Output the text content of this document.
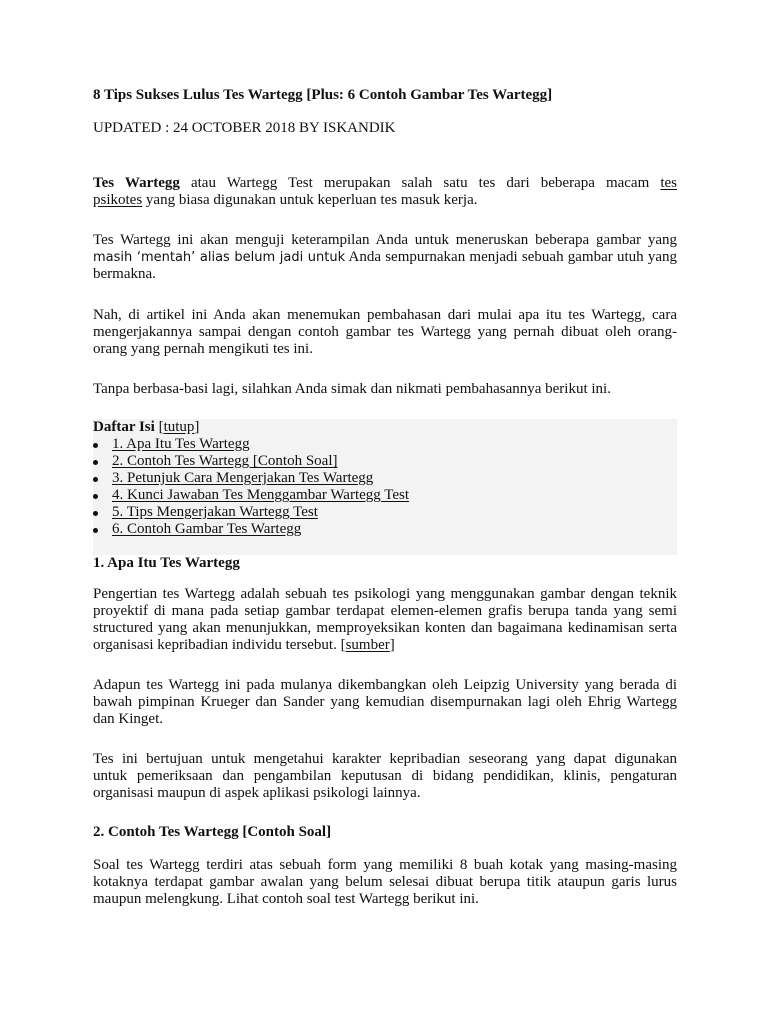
8 Tips Sukses Lulus Tes Wartegg [Plus: 6 Contoh Gambar Tes Wartegg]
UPDATED : 24 OCTOBER 2018 BY ISKANDIK

Tes Wartegg atau Wartegg Test merupakan salah satu tes dari beberapa macam tes

psikotes yang biasa digunakan untuk keperluan tes masuk kerja.

Tes Wartegg ini akan menguji keterampilan Anda untuk meneruskan beberapa gambar yang

masih ‘mentah’ alias belum jadi untuk Anda sempurnakan menjadi sebuah gambar utuh yang

bermakna.

Nah, di artikel ini Anda akan menemukan pembahasan dari mulai apa itu tes Wartegg, cara

mengerjakannya sampai dengan contoh gambar tes Wartegg yang pernah dibuat oleh orang-

orang yang pernah mengikuti tes ini.

Tanpa berbasa-basi lagi, silahkan Anda simak dan nikmati pembahasannya berikut ini.
Daftar Isi [tutup]
1. Apa Itu Tes Wartegg
2. Contoh Tes Wartegg [Contoh Soal]
3. Petunjuk Cara Mengerjakan Tes Wartegg
4. Kunci Jawaban Tes Menggambar Wartegg Test
5. Tips Mengerjakan Wartegg Test
6. Contoh Gambar Tes Wartegg
1. Apa Itu Tes Wartegg

Pengertian tes Wartegg adalah sebuah tes psikologi yang menggunakan gambar dengan teknik

proyektif di mana pada setiap gambar terdapat elemen-elemen grafis berupa tanda yang semi

structured yang akan menunjukkan, memproyeksikan konten dan bagaimana kedinamisan serta

organisasi kepribadian individu tersebut. [sumber]

Adapun tes Wartegg ini pada mulanya dikembangkan oleh Leipzig University yang berada di

bawah pimpinan Krueger dan Sander yang kemudian disempurnakan lagi oleh Ehrig Wartegg

dan Kinget.

Tes ini bertujuan untuk mengetahui karakter kepribadian seseorang yang dapat digunakan

untuk pemeriksaan dan pengambilan keputusan di bidang pendidikan, klinis, pengaturan

organisasi maupun di aspek aplikasi psikologi lainnya.

2. Contoh Tes Wartegg [Contoh Soal]

Soal tes Wartegg terdiri atas sebuah form yang memiliki 8 buah kotak yang masing-masing

kotaknya terdapat gambar awalan yang belum selesai dibuat berupa titik ataupun garis lurus

maupun melengkung. Lihat contoh soal test Wartegg berikut ini.
